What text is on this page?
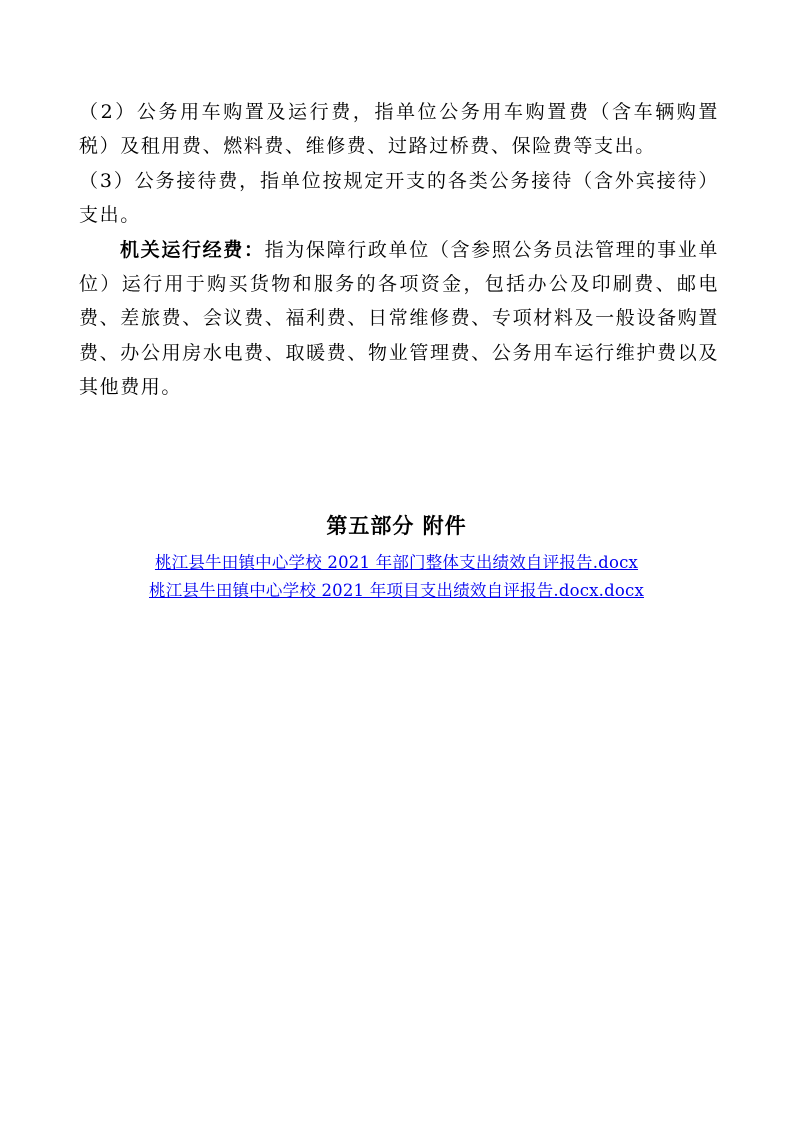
（2）公务用车购置及运行费，指单位公务用车购置费（含车辆购置税）及租用费、燃料费、维修费、过路过桥费、保险费等支出。

（3）公务接待费，指单位按规定开支的各类公务接待（含外宾接待）支出。

机关运行经费：指为保障行政单位（含参照公务员法管理的事业单位）运行用于购买货物和服务的各项资金，包括办公及印刷费、邮电费、差旅费、会议费、福利费、日常维修费、专项材料及一般设备购置费、办公用房水电费、取暖费、物业管理费、公务用车运行维护费以及其他费用。

第五部分 附件
桃江县牛田镇中心学校 2021 年部门整体支出绩效自评报告.docx
桃江县牛田镇中心学校 2021 年项目支出绩效自评报告.docx.docx
